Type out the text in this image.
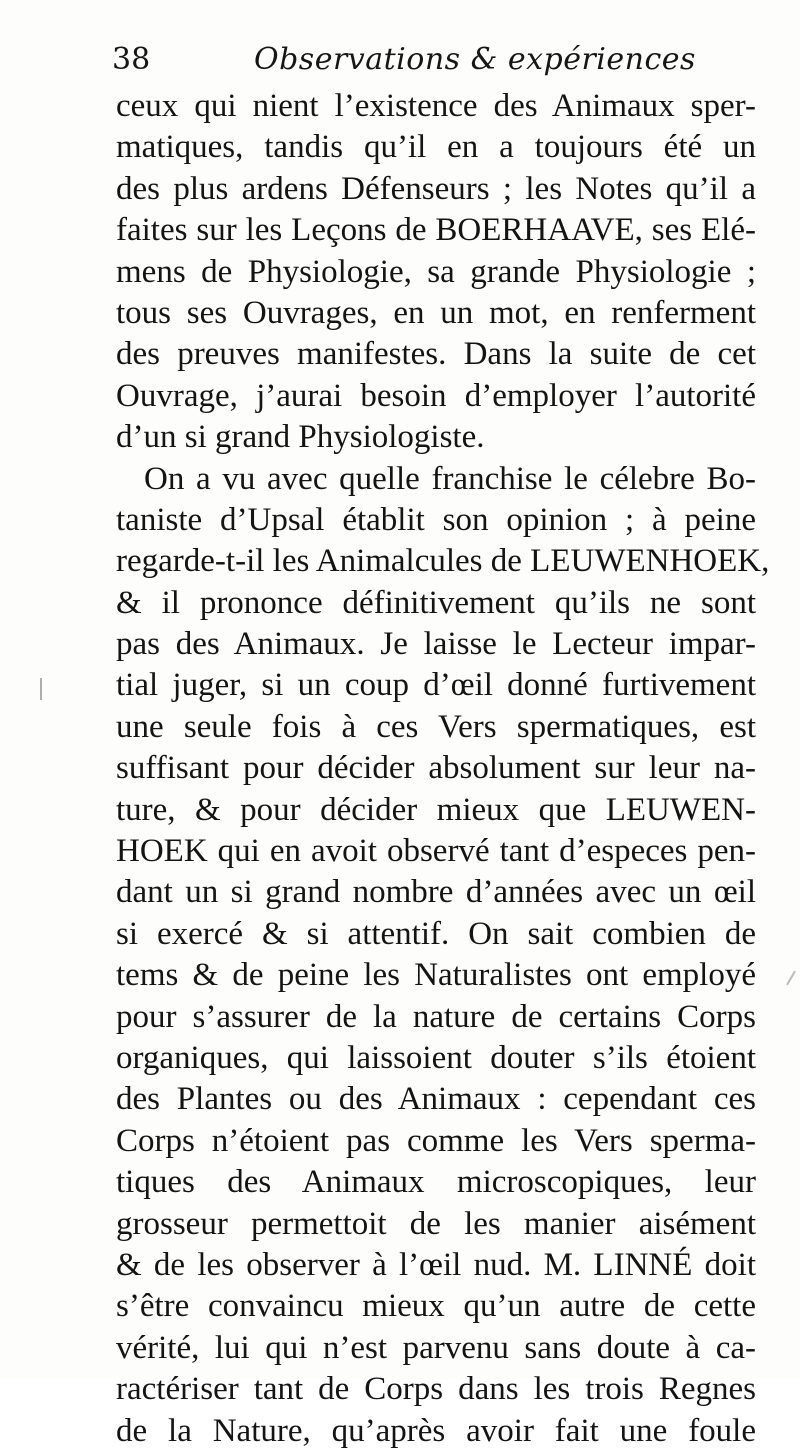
38	Observations & expériences
ceux qui nient l’existence des Animaux sper-
matiques, tandis qu’il en a toujours été un
des plus ardens Défenseurs ; les Notes qu’il a
faites sur les Leçons de BOERHAAVE, ses Elé-
mens de Physiologie, sa grande Physiologie ;
tous ses Ouvrages, en un mot, en renferment
des preuves manifestes. Dans la suite de cet
Ouvrage, j’aurai besoin d’employer l’autorité
d’un si grand Physiologiste.
On a vu avec quelle franchise le célebre Bo-
taniste d’Upsal établit son opinion ; à peine
regarde-t-il les Animalcules de LEUWENHOEK,
& il prononce définitivement qu’ils ne sont
pas des Animaux. Je laisse le Lecteur impar-
tial juger, si un coup d’œil donné furtivement
une seule fois à ces Vers spermatiques, est
suffisant pour décider absolument sur leur na-
ture, & pour décider mieux que LEUWEN-
HOEK qui en avoit observé tant d’especes pen-
dant un si grand nombre d’années avec un œil
si exercé & si attentif. On sait combien de
tems & de peine les Naturalistes ont employé
pour s’assurer de la nature de certains Corps
organiques, qui laissoient douter s’ils étoient
des Plantes ou des Animaux : cependant ces
Corps n’étoient pas comme les Vers sperma-
tiques des Animaux microscopiques, leur
grosseur permettoit de les manier aisément
& de les observer à l’œil nud. M. LINNÉ doit
s’être convaincu mieux qu’un autre de cette
vérité, lui qui n’est parvenu sans doute à ca-
ractériser tant de Corps dans les trois Regnes
de la Nature, qu’après avoir fait une foule
